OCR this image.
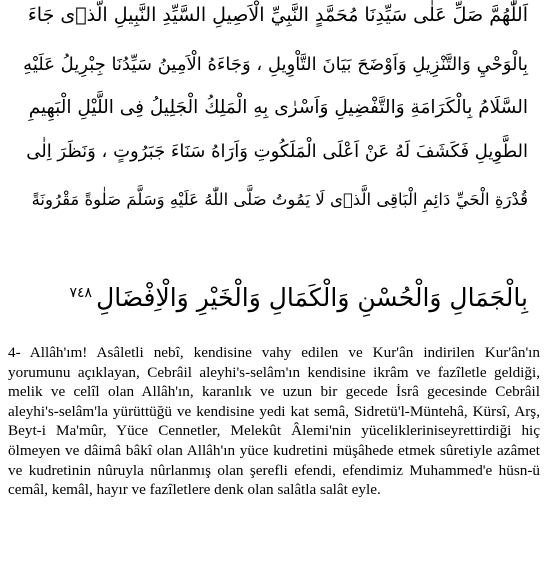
اَللّٰهُمَّ صَلِّ عَلٰى سَيِّدِنَا مُحَمَّدٍ النَّبِيِّ الْاَصِيلِ السَّيِّدِ النَّبِيلِ الَّذٖى جَاءَ
بِالْوَحْيِ وَالتَّنْزِيلِ وَاَوْضَحَ بَيَانَ التَّاْوِيلِ ، وَجَاءَهُ الْاَمِينُ سَيِّدُنَا جِبْرِيلُ عَلَيْهِ
السَّلَامُ بِالْكَرَامَةِ وَالتَّفْضِيلِ وَاَسْرٰى بِهِ الْمَلِكُ الْجَلِيلُ فِى اللَّيْلِ الْبَهِيمِ
الطَّوِيلِ فَكَشَفَ لَهُ عَنْ اَعْلَى الْمَلَكُوتِ وَاَرَاهُ سَنَاءَ جَبَرُوتٍ ، وَنَظَرَ اِلٰى
قُدْرَةِ الْحَيِّ دَائِمِ الْبَاقِى الَّذٖى لَا يَمُوتُ صَلَّى اللّٰهُ عَلَيْهِ وَسَلَّمَ صَلٰوةً مَقْرُونَةً
بِالْجَمَالِ وَالْحُسْنِ وَالْكَمَالِ وَالْخَيْرِ وَالْاِفْضَالِ$^{٧٤٨}$

4- Allâh'ım! Asâletli nebî, kendisine vahy edilen ve Kur'ân indirilen Kur'ân'ın yorumunu açıklayan, Cebrâil aleyhi's-selâm'ın kendisine ikrâm ve fazîletle geldiği, melik ve celîl olan Allâh'ın, karanlık ve uzun bir gecede İsrâ gecesinde Cebrâil aleyhi's-selâm'la yürüttüğü ve kendisine yedi kat semâ, Sidretü'l-Müntehâ, Kürsî, Arş, Beyt-i Ma'mûr, Yüce Cennetler, Melekût Âlemi'nin yücelikleriniseyrettirdiği hiç ölmeyen ve dâimâ bâkî olan Allâh'ın yüce kudretini müşâhede etmek sûretiyle azâmet ve kudretinin nûruyla nûrlanmış olan şerefli efendi, efendimiz Muhammed'e hüsn-ü cemâl, kemâl, hayır ve fazîletlere denk olan salâtla salât eyle.
